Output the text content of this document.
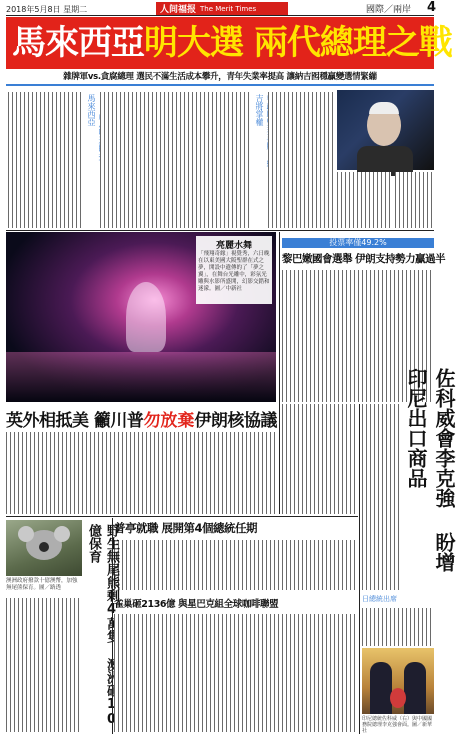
2018年5月8日 星期二	人间福报 The Merit Times	國際／兩岸 4
馬來西亞明大選 兩代總理之戰
雜牌軍vs.貪腐總理 選民不滿生活成本攀升，青年失業率提高 讓納吉囮穩贏變選情緊繃
馬來西亞
吉將掌權
亮麗水舞
「飛翔奇緣」視覺秀，六日晚在以東美國大阪聖群在式之夢，開設中遺傳的了「夢之翼」，在舞台光雕中，彩氛光雕與水影所盛開，幻影交錯和迷濛。圖／中新社
投票率僅49.2%
黎巴嫩國會選舉 伊朗支持勢力贏過半
佐科威會李克強 盼增印尼出口商品
英外相抵美 籲川普勿放棄伊朗核協議
普亭就職 展開第4個總統任期
澳洲政府撥款十億澳幣，加強無尾熊保育。圖／路透	野生無尾熊剩4萬隻 億保育
雀巢砸2136億 與星巴克組全球咖啡聯盟	日總統出席
印尼總統佐科威（右）與中國國務院總理李克強會面。圖／新華社
